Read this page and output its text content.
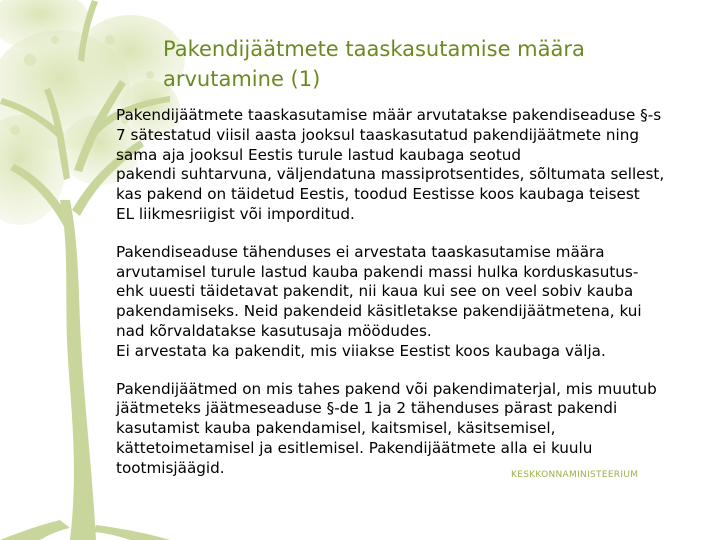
Pakendijäätmete taaskasutamise määra
arvutamine (1)

Pakendijäätmete taaskasutamise määr arvutatakse pakendiseaduse §-s
7 sätestatud viisil aasta jooksul taaskasutatud pakendijäätmete ning
sama aja jooksul Eestis turule lastud kaubaga seotud
pakendi suhtarvuna, väljendatuna massiprotsentides, sõltumata sellest,
kas pakend on täidetud Eestis, toodud Eestisse koos kaubaga teisest
EL liikmesriigist või imporditud.

Pakendiseaduse tähenduses ei arvestata taaskasutamise määra
arvutamisel turule lastud kauba pakendi massi hulka korduskasutus-
ehk uuesti täidetavat pakendit, nii kaua kui see on veel sobiv kauba
pakendamiseks. Neid pakendeid käsitletakse pakendijäätmetena, kui
nad kõrvaldatakse kasutusaja möödudes.
Ei arvestata ka pakendit, mis viiakse Eestist koos kaubaga välja.

Pakendijäätmed on mis tahes pakend või pakendimaterjal, mis muutub
jäätmeteks jäätmeseaduse §-de 1 ja 2 tähenduses pärast pakendi
kasutamist kauba pakendamisel, kaitsmisel, käsitsemisel,
kättetoimetamisel ja esitlemisel. Pakendijäätmete alla ei kuulu
tootmisjäägid.	KESKKONNAMINISTEERIUM
